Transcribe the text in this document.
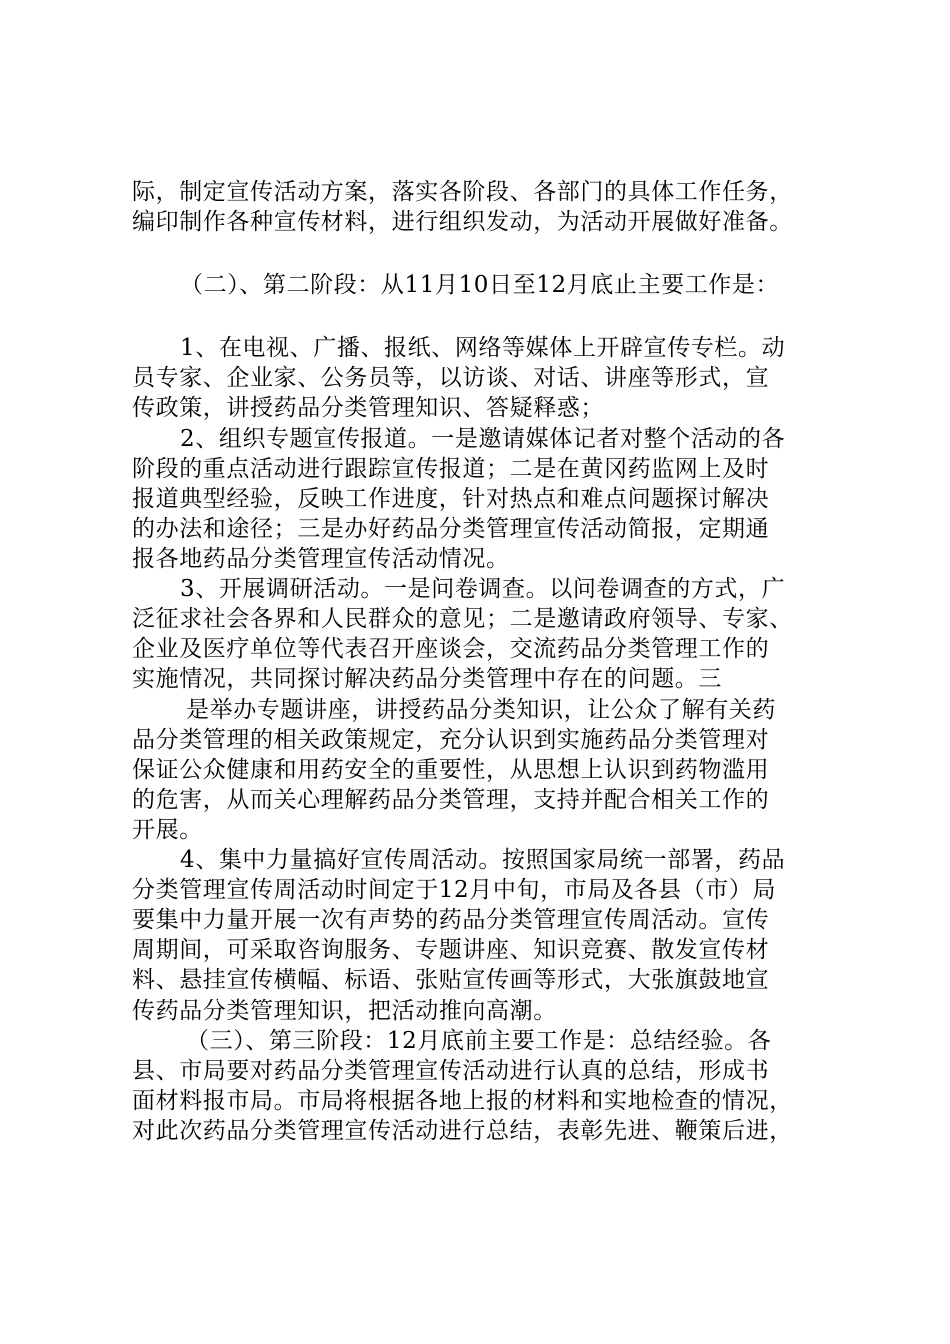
际，制定宣传活动方案，落实各阶段、各部门的具体工作任务，
编印制作各种宣传材料，进行组织发动，为活动开展做好准备。
（二）、第二阶段：从11月10日至12月底止主要工作是：
1、在电视、广播、报纸、网络等媒体上开辟宣传专栏。动
员专家、企业家、公务员等，以访谈、对话、讲座等形式，宣
传政策，讲授药品分类管理知识、答疑释惑；
2、组织专题宣传报道。一是邀请媒体记者对整个活动的各
阶段的重点活动进行跟踪宣传报道；二是在黄冈药监网上及时
报道典型经验，反映工作进度，针对热点和难点问题探讨解决
的办法和途径；三是办好药品分类管理宣传活动简报，定期通
报各地药品分类管理宣传活动情况。
3、开展调研活动。一是问卷调查。以问卷调查的方式，广
泛征求社会各界和人民群众的意见；二是邀请政府领导、专家、
企业及医疗单位等代表召开座谈会，交流药品分类管理工作的
实施情况，共同探讨解决药品分类管理中存在的问题。三
是举办专题讲座，讲授药品分类知识，让公众了解有关药
品分类管理的相关政策规定，充分认识到实施药品分类管理对
保证公众健康和用药安全的重要性，从思想上认识到药物滥用
的危害，从而关心理解药品分类管理，支持并配合相关工作的
开展。
4、集中力量搞好宣传周活动。按照国家局统一部署，药品
分类管理宣传周活动时间定于12月中旬，市局及各县（市）局
要集中力量开展一次有声势的药品分类管理宣传周活动。宣传
周期间，可采取咨询服务、专题讲座、知识竞赛、散发宣传材
料、悬挂宣传横幅、标语、张贴宣传画等形式，大张旗鼓地宣
传药品分类管理知识，把活动推向高潮。
（三）、第三阶段：12月底前主要工作是：总结经验。各
县、市局要对药品分类管理宣传活动进行认真的总结，形成书
面材料报市局。市局将根据各地上报的材料和实地检查的情况，
对此次药品分类管理宣传活动进行总结，表彰先进、鞭策后进，
